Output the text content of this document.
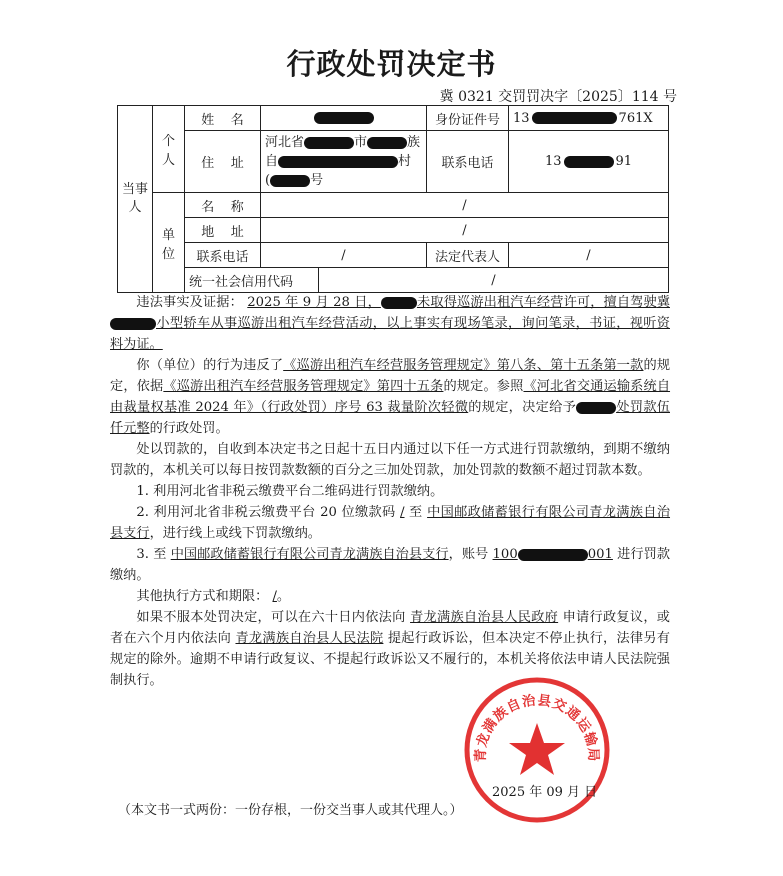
行政处罚决定书
冀 0321 交罚罚决字〔2025〕114 号
当事人	个人	姓    名			身份证件号	13 761X
		住    址	河北省 市 族
自 村
( 号		联系电话	13 91

	单位	名    称	/			
		地    址	/			
		联系电话	/		法定代表人	/
		统一社会信用代码		/		

违法事实及证据： 2025 年 9 月 28 日，	未取得巡游出租汽车经营许可，擅自驾驶冀小型轿车从事巡游出租汽车经营活动，以上事实有现场笔录，询问笔录，书证，视听资料为证。

你（单位）的行为违反了《巡游出租汽车经营服务管理规定》第八条、第十五条第一款的规定，依据《巡游出租汽车经营服务管理规定》第四十五条的规定。参照《河北省交通运输系统自由裁量权基准 2024 年》（行政处罚）序号 63 裁量阶次轻微的规定，决定给予	处罚款伍仟元整的行政处罚。

处以罚款的，自收到本决定书之日起十五日内通过以下任一方式进行罚款缴纳，到期不缴纳罚款的，本机关可以每日按罚款数额的百分之三加处罚款，加处罚款的数额不超过罚款本数。

1. 利用河北省非税云缴费平台二维码进行罚款缴纳。

2. 利用河北省非税云缴费平台 20 位缴款码 / 至 中国邮政储蓄银行有限公司青龙满族自治县支行，进行线上或线下罚款缴纳。

3. 至 中国邮政储蓄银行有限公司青龙满族自治县支行，账号 100	001 进行罚款缴纳。

其他执行方式和期限： /。

如果不服本处罚决定，可以在六十日内依法向 青龙满族自治县人民政府 申请行政复议，或者在六个月内依法向 青龙满族自治县人民法院 提起行政诉讼，但本决定不停止执行，法律另有规定的除外。逾期不申请行政复议、不提起行政诉讼又不履行的，本机关将依法申请人民法院强制执行。

青龙满族自治县交通运输局
2025 年 09 月 日
（本文书一式两份：一份存根，一份交当事人或其代理人。）
